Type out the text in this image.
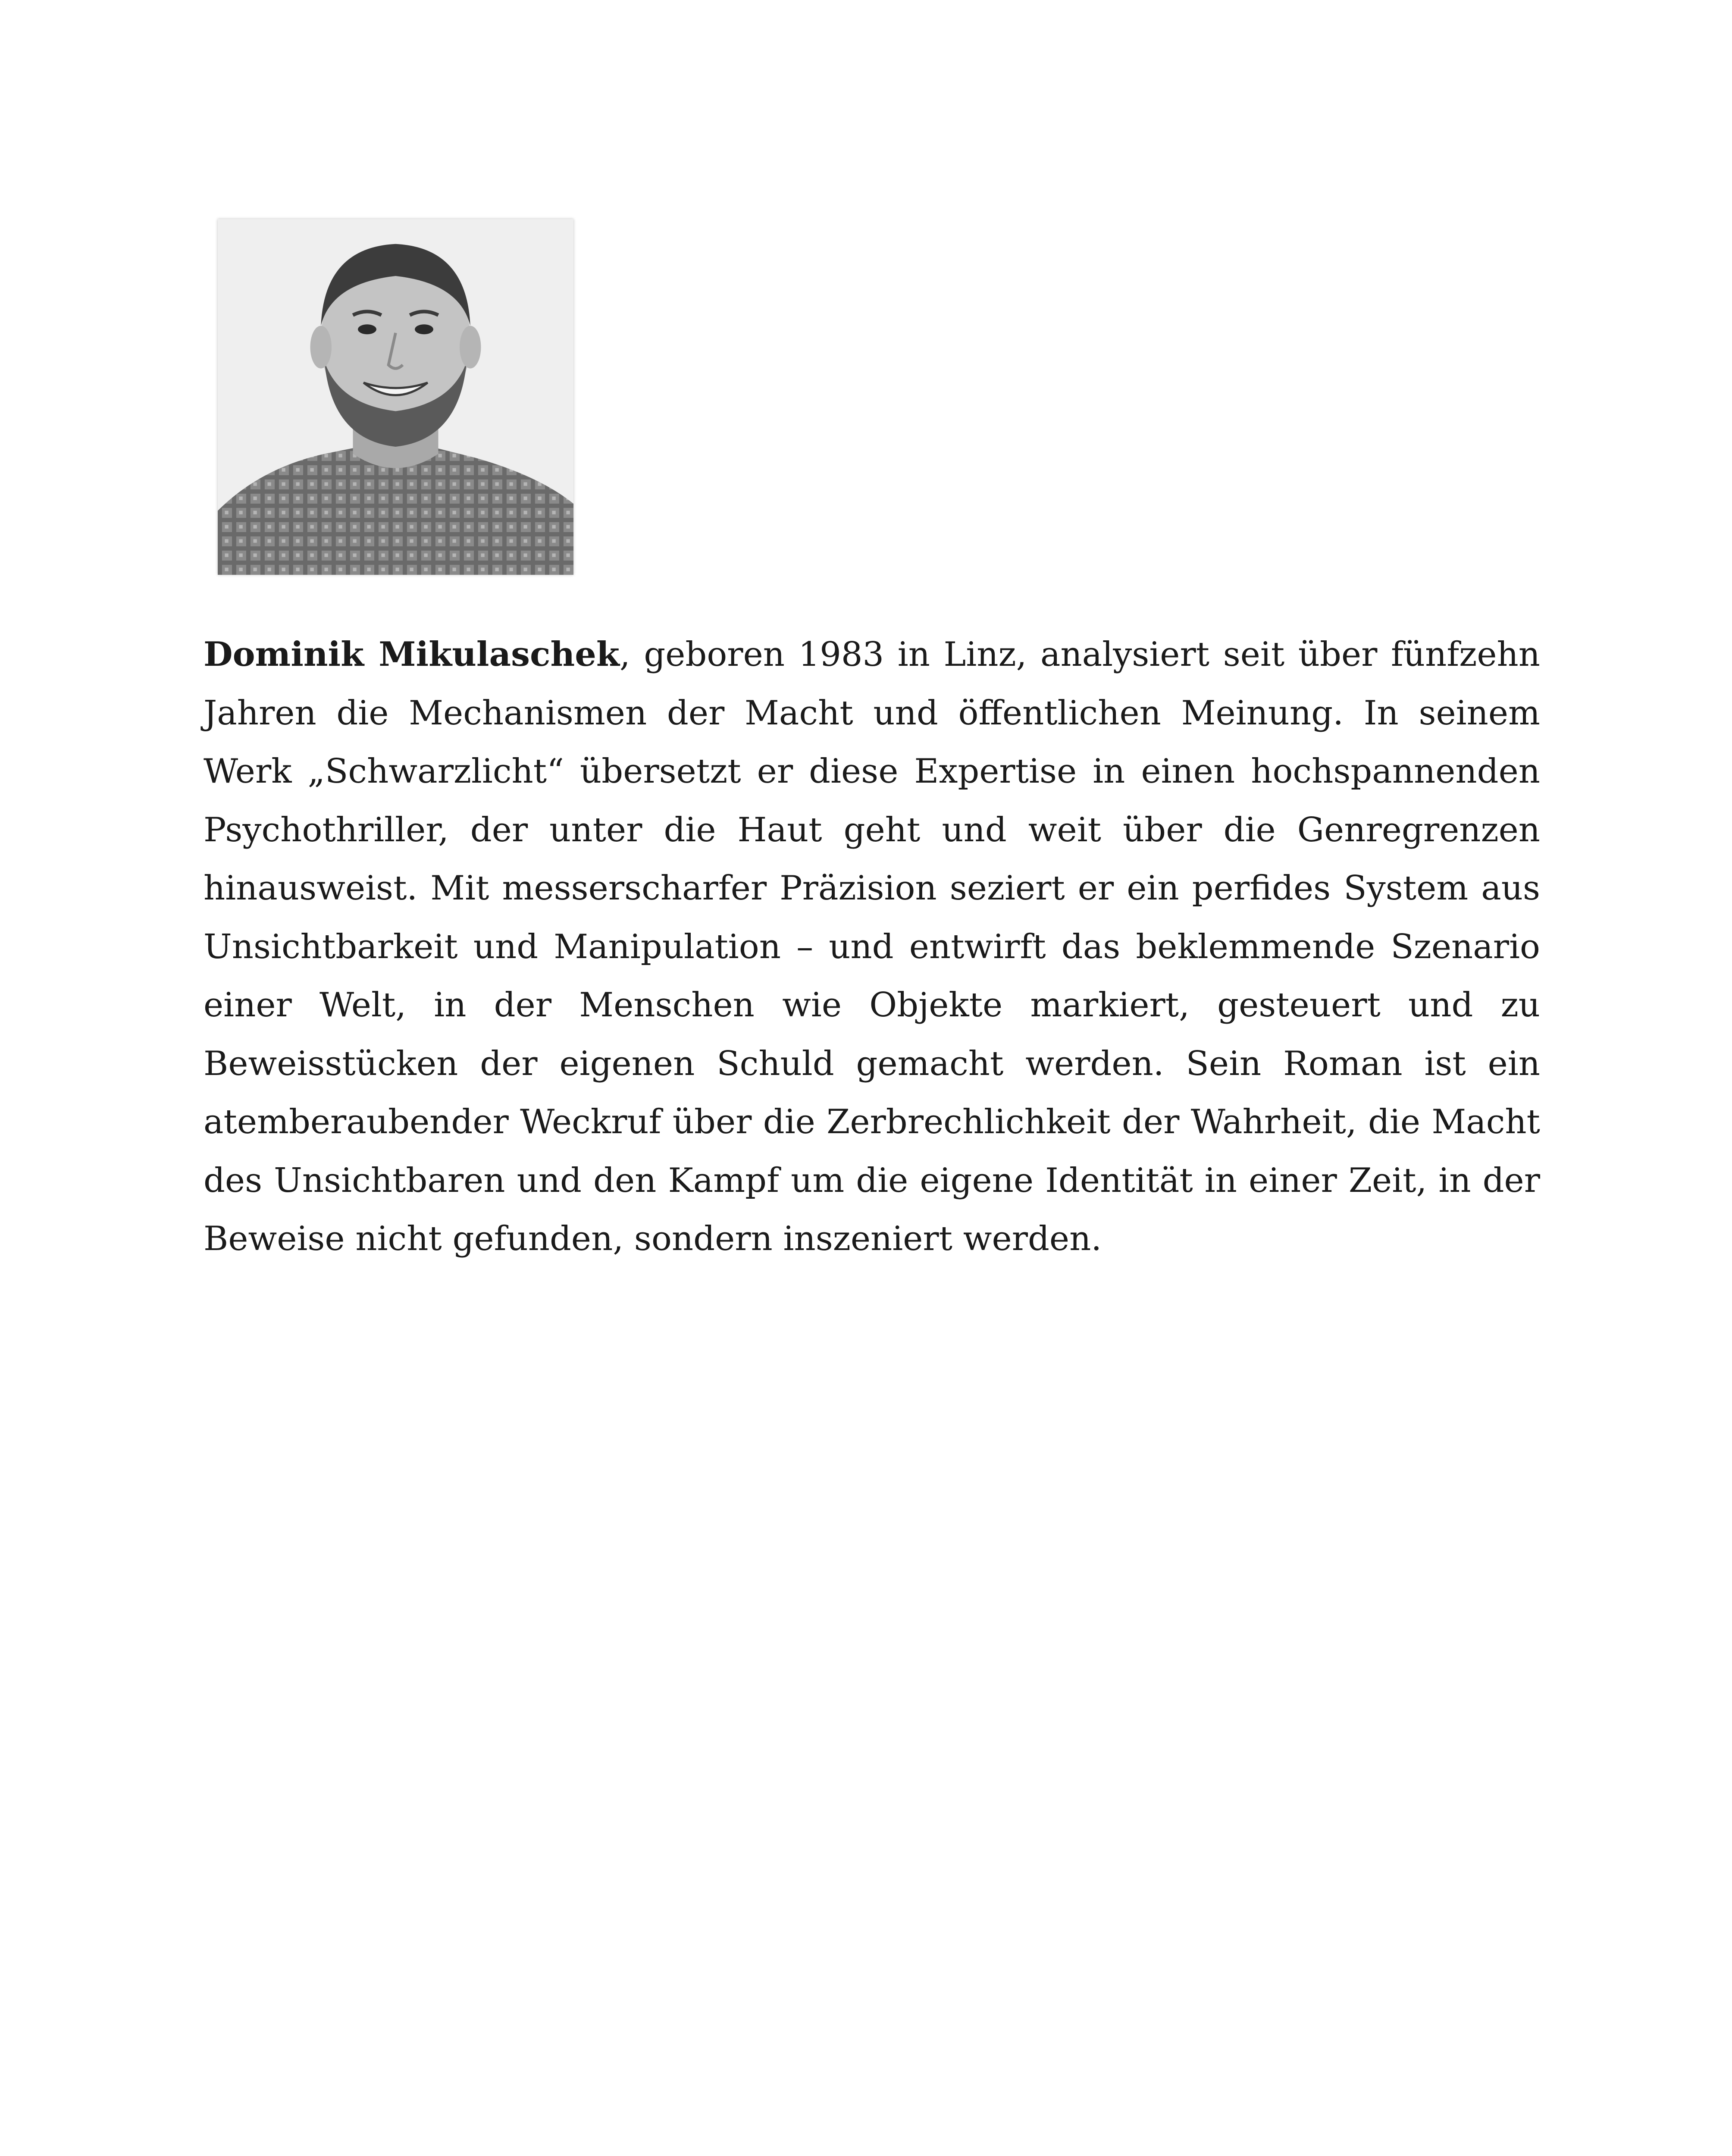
Dominik Mikulaschek, geboren 1983 in Linz, analysiert seit über fünfzehn Jahren die Mechanismen der Macht und öffentlichen Meinung. In seinem Werk „Schwarzlicht“ übersetzt er diese Expertise in einen hochspannenden Psychothriller, der unter die Haut geht und weit über die Genregrenzen hinausweist. Mit messerscharfer Präzision seziert er ein perfides System aus Unsichtbarkeit und Manipulation – und entwirft das beklemmende Szenario einer Welt, in der Menschen wie Objekte markiert, gesteuert und zu Beweisstücken der eigenen Schuld gemacht werden. Sein Roman ist ein atemberaubender Weckruf über die Zerbrechlichkeit der Wahrheit, die Macht des Unsichtbaren und den Kampf um die eigene Identität in einer Zeit, in der Beweise nicht gefunden, sondern inszeniert werden.
